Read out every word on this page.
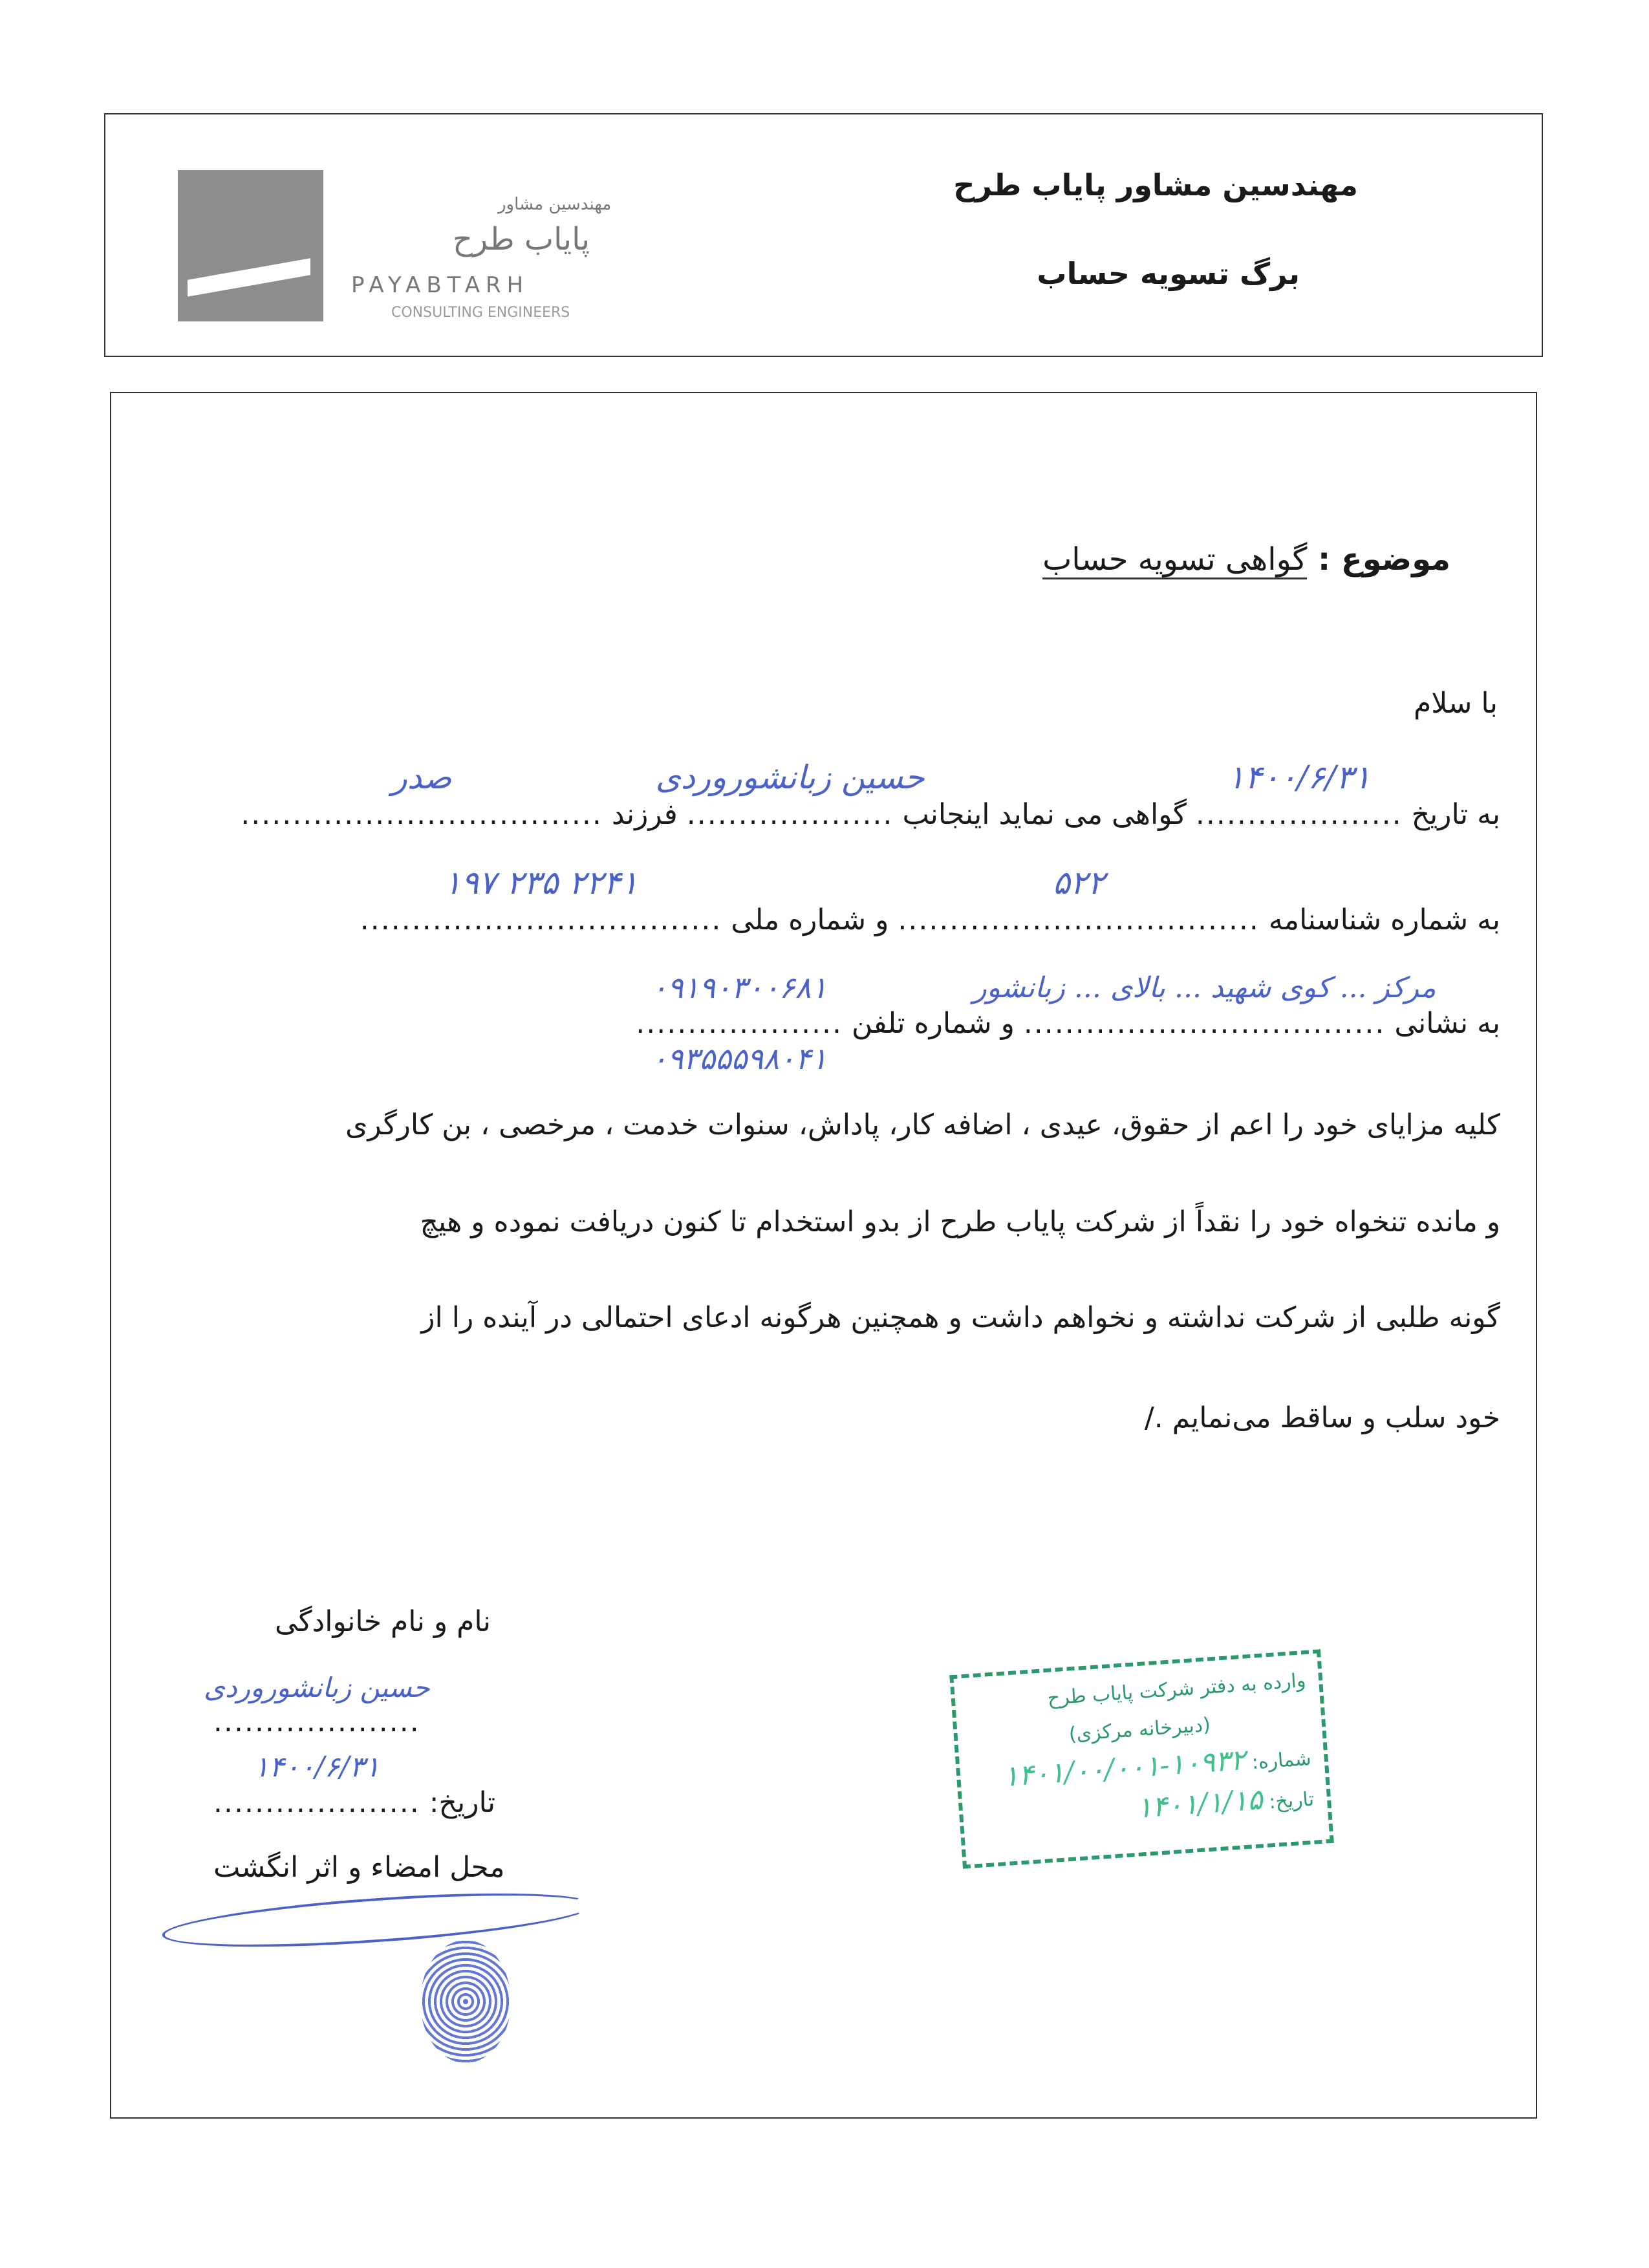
مهندسین مشاور
پایاب طرح
PAYABTARH
CONSULTING ENGINEERS
مهندسین مشاور پایاب طرح
برگ تسویه حساب
موضوع : گواهی تسویه حساب
با سلام
به تاریخ ....................
۱۴۰۰/۶/۳۱
گواهی می نماید اینجانب ....................
حسین زبانشوروردی
فرزند ...................................
صدر
به شماره شناسنامه ...................................
۵۲۲
و شماره ملی ...................................
۱۹۷ ۲۳۵ ۲۲۴۱
به نشانی ...................................
مرکز ... کوی شهید ... بالای ... زبانشور
و شماره تلفن ....................
۰۹۱۹۰۳۰۰۶۸۱
۰۹۳۵۵۵۹۸۰۴۱
کلیه مزایای خود را اعم از حقوق، عیدی ، اضافه کار، پاداش، سنوات خدمت ، مرخصی ، بن کارگری
و مانده تنخواه خود را نقداً از شرکت پایاب طرح از بدو استخدام تا کنون دریافت نموده و هیچ
گونه طلبی از شرکت نداشته و نخواهم داشت و همچنین هرگونه ادعای احتمالی در آینده را از
خود سلب و ساقط می‌نمایم ./
نام و نام خانوادگی
....................
حسین زبانشوروردی
تاریخ: ....................
۱۴۰۰/۶/۳۱
محل امضاء و اثر انگشت
وارده به دفتر شرکت پایاب طرح
(دبیرخانه مرکزی)
شماره: ۱۰۹۳۲-۱۴۰۱/۰۰/۰۰۱
تاریخ: ۱۴۰۱/۱/۱۵
